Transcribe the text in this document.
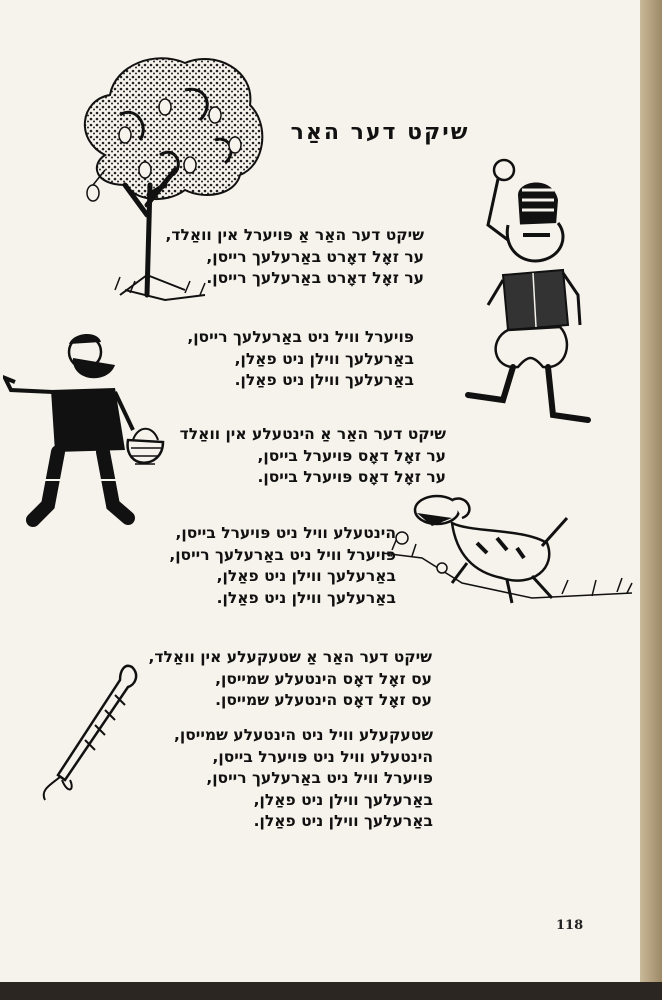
שיקט דער האַר
שיקט דער האַר אַ פּויערל אין וואַלד,
ער זאָל דאָרט באַרעלעך רייסן,
ער זאָל דאָרט באַרעלעך רייסן.
פּויערל וויל ניט באַרעלעך רייסן,
באַרעלעך ווילן ניט פאַלן,
באַרעלעך ווילן ניט פאַלן.
שיקט דער האַר אַ הינטעלע אין וואַלד
ער זאָל דאָס פּויערל בייסן,
ער זאָל דאָס פּויערל בייסן.
הינטעלע וויל ניט פּויערל בייסן,
פּויערל וויל ניט באַרעלעך רייסן,
באַרעלעך ווילן ניט פאַלן,
באַרעלעך ווילן ניט פאַלן.
שיקט דער האַר אַ שטעקעלע אין וואַלד,
עס זאָל דאָס הינטעלע שמייסן,
עס זאָל דאָס הינטעלע שמייסן.
שטעקעלע וויל ניט הינטעלע שמייסן,
הינטעלע וויל ניט פּויערל בייסן,
פּויערל וויל ניט באַרעלעך רייסן,
באַרעלעך ווילן ניט פאַלן,
באַרעלעך ווילן ניט פאַלן.
118
